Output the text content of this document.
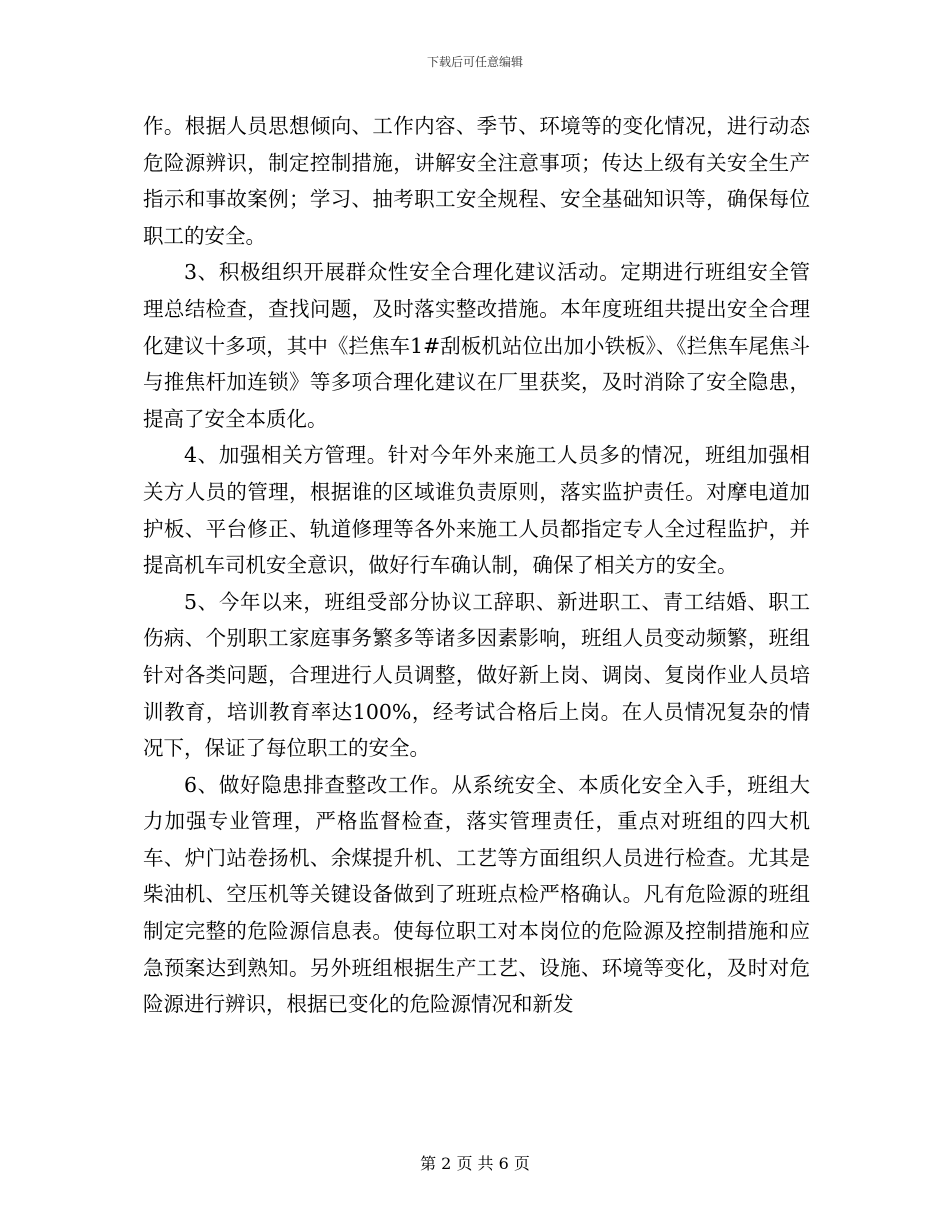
下载后可任意编辑

作。根据人员思想倾向、工作内容、季节、环境等的变化情况，进行动态危险源辨识，制定控制措施，讲解安全注意事项；传达上级有关安全生产指示和事故案例；学习、抽考职工安全规程、安全基础知识等，确保每位职工的安全。

3、积极组织开展群众性安全合理化建议活动。定期进行班组安全管理总结检查，查找问题，及时落实整改措施。本年度班组共提出安全合理化建议十多项，其中《拦焦车1#刮板机站位出加小铁板》、《拦焦车尾焦斗与推焦杆加连锁》等多项合理化建议在厂里获奖，及时消除了安全隐患，提高了安全本质化。

4、加强相关方管理。针对今年外来施工人员多的情况，班组加强相关方人员的管理，根据谁的区域谁负责原则，落实监护责任。对摩电道加护板、平台修正、轨道修理等各外来施工人员都指定专人全过程监护，并提高机车司机安全意识，做好行车确认制，确保了相关方的安全。

5、今年以来，班组受部分协议工辞职、新进职工、青工结婚、职工伤病、个别职工家庭事务繁多等诸多因素影响，班组人员变动频繁，班组针对各类问题，合理进行人员调整，做好新上岗、调岗、复岗作业人员培训教育，培训教育率达100%，经考试合格后上岗。在人员情况复杂的情况下，保证了每位职工的安全。

6、做好隐患排查整改工作。从系统安全、本质化安全入手，班组大力加强专业管理，严格监督检查，落实管理责任，重点对班组的四大机车、炉门站卷扬机、余煤提升机、工艺等方面组织人员进行检查。尤其是柴油机、空压机等关键设备做到了班班点检严格确认。凡有危险源的班组制定完整的危险源信息表。使每位职工对本岗位的危险源及控制措施和应急预案达到熟知。另外班组根据生产工艺、设施、环境等变化，及时对危险源进行辨识，根据已变化的危险源情况和新发

第 2 页 共 6 页
